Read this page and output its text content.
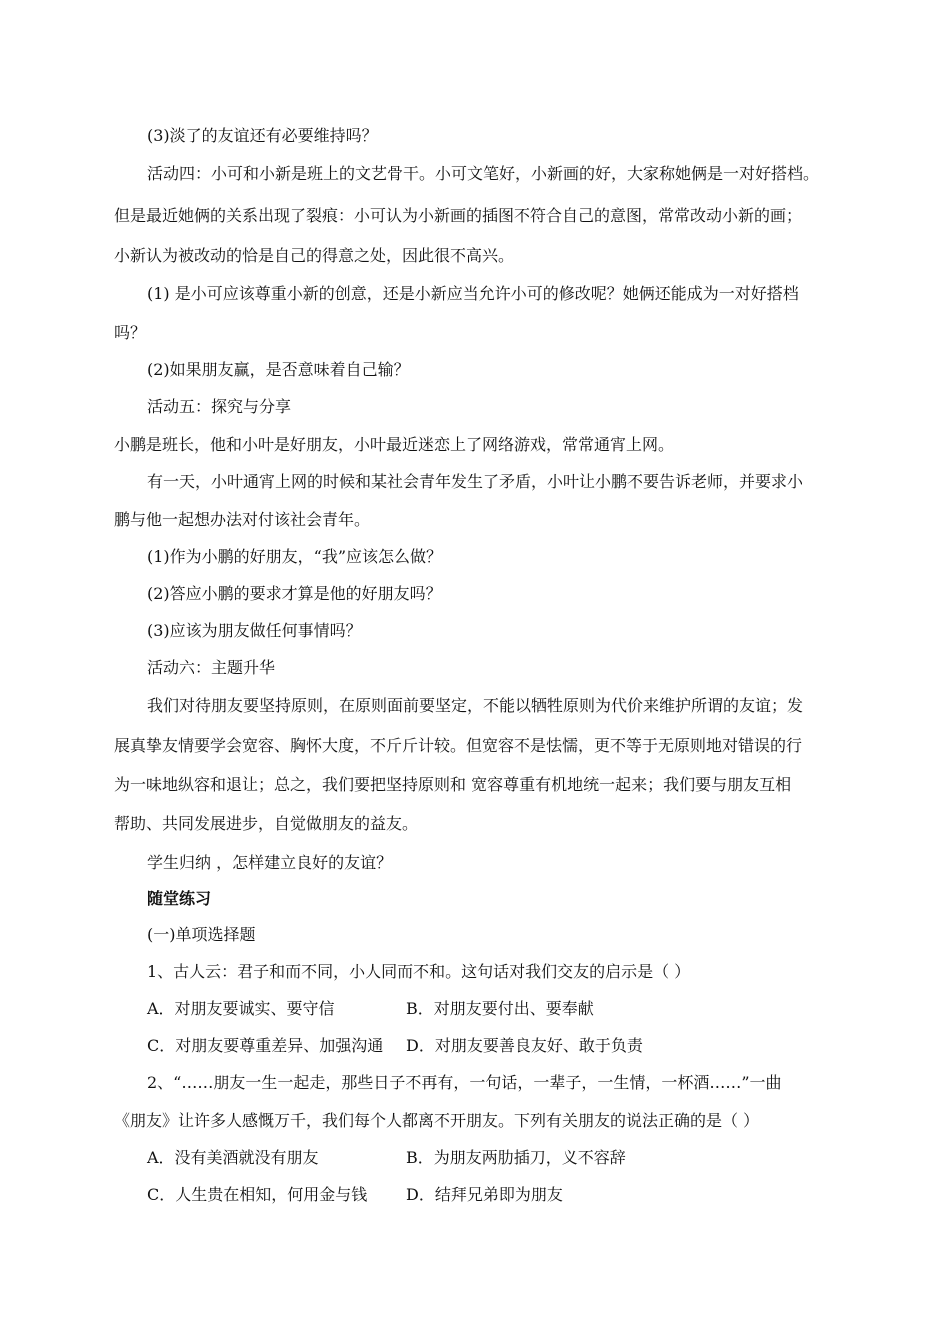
(3)淡了的友谊还有必要维持吗？
活动四：小可和小新是班上的文艺骨干。小可文笔好，小新画的好，大家称她俩是一对好搭档。
但是最近她俩的关系出现了裂痕：小可认为小新画的插图不符合自己的意图，常常改动小新的画；
小新认为被改动的恰是自己的得意之处，因此很不高兴。
(1) 是小可应该尊重小新的创意，还是小新应当允许小可的修改呢？她俩还能成为一对好搭档
吗？
(2)如果朋友赢，是否意味着自己输？
活动五：探究与分享
小鹏是班长，他和小叶是好朋友，小叶最近迷恋上了网络游戏，常常通宵上网。
有一天，小叶通宵上网的时候和某社会青年发生了矛盾，小叶让小鹏不要告诉老师，并要求小
鹏与他一起想办法对付该社会青年。
(1)作为小鹏的好朋友，“我”应该怎么做？
(2)答应小鹏的要求才算是他的好朋友吗？
(3)应该为朋友做任何事情吗？
活动六：主题升华
我们对待朋友要坚持原则，在原则面前要坚定，不能以牺牲原则为代价来维护所谓的友谊；发
展真挚友情要学会宽容、胸怀大度，不斤斤计较。但宽容不是怯懦，更不等于无原则地对错误的行
为一味地纵容和退让；总之，我们要把坚持原则和 宽容尊重有机地统一起来；我们要与朋友互相
帮助、共同发展进步，自觉做朋友的益友。
学生归纳 ，怎样建立良好的友谊？
随堂练习
(一)单项选择题
1、古人云：君子和而不同，小人同而不和。这句话对我们交友的启示是（ ）
A．对朋友要诚实、要守信	B．对朋友要付出、要奉献
C．对朋友要尊重差异、加强沟通 D．对朋友要善良友好、敢于负责
2、“……朋友一生一起走，那些日子不再有，一句话，一辈子，一生情，一杯酒……”一曲
《朋友》让许多人感慨万千，我们每个人都离不开朋友。下列有关朋友的说法正确的是（ ）
A．没有美酒就没有朋友	B．为朋友两肋插刀，义不容辞
C．人生贵在相知，何用金与钱 D．结拜兄弟即为朋友
